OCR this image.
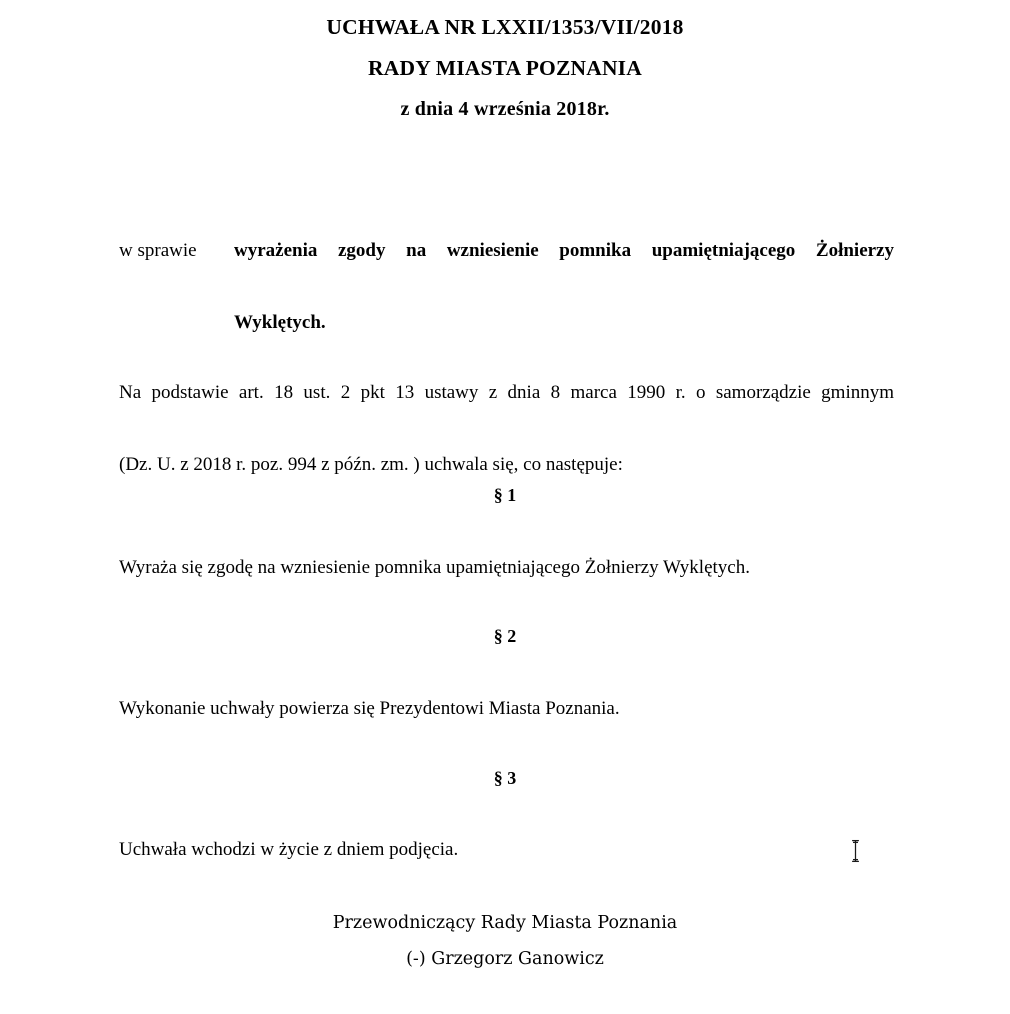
UCHWAŁA NR LXXII/1353/VII/2018
RADY MIASTA POZNANIA
z dnia 4 września 2018r.
w sprawie	wyrażenia zgody na wzniesienie pomnika upamiętniającego Żołnierzy
Wyklętych.
Na podstawie art. 18 ust. 2 pkt 13 ustawy z dnia 8 marca 1990 r. o samorządzie gminnym
(Dz. U. z 2018 r. poz. 994 z późn. zm. ) uchwala się, co następuje:
§ 1
Wyraża się zgodę na wzniesienie pomnika upamiętniającego Żołnierzy Wyklętych.
§ 2
Wykonanie uchwały powierza się Prezydentowi Miasta Poznania.
§ 3
Uchwała wchodzi w życie z dniem podjęcia.
Przewodniczący Rady Miasta Poznania
(-) Grzegorz Ganowicz
